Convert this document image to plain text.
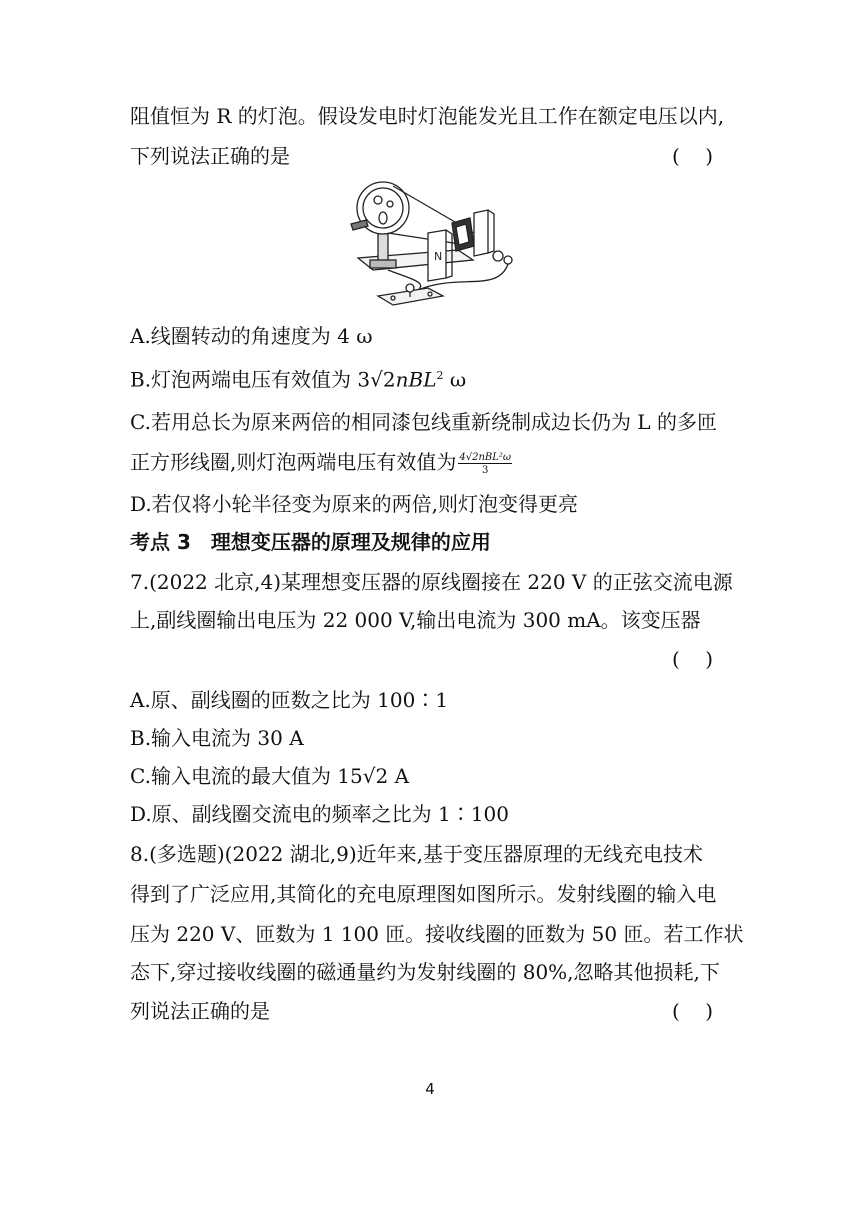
阻值恒为 R 的灯泡。假设发电时灯泡能发光且工作在额定电压以内,
下列说法正确的是	(    )
N
A.线圈转动的角速度为 4 ω
B.灯泡两端电压有效值为 3√2nBL$^2$ ω
C.若用总长为原来两倍的相同漆包线重新绕制成边长仍为 L 的多匝
正方形线圈,则灯泡两端电压有效值为 $\frac{\text{4√2nBL²ω}}{3}$
D.若仅将小轮半径变为原来的两倍,则灯泡变得更亮
考点 3　理想变压器的原理及规律的应用
7.(2022 北京,4)某理想变压器的原线圈接在 220 V 的正弦交流电源
上,副线圈输出电压为 22 000 V,输出电流为 300 mA。该变压器
(    )
A.原、副线圈的匝数之比为 100∶1
B.输入电流为 30 A
C.输入电流的最大值为 15√2 A
D.原、副线圈交流电的频率之比为 1∶100
8.(多选题)(2022 湖北,9)近年来,基于变压器原理的无线充电技术
得到了广泛应用,其简化的充电原理图如图所示。发射线圈的输入电
压为 220 V、匝数为 1 100 匝。接收线圈的匝数为 50 匝。若工作状
态下,穿过接收线圈的磁通量约为发射线圈的 80%,忽略其他损耗,下
列说法正确的是	(    )
4
